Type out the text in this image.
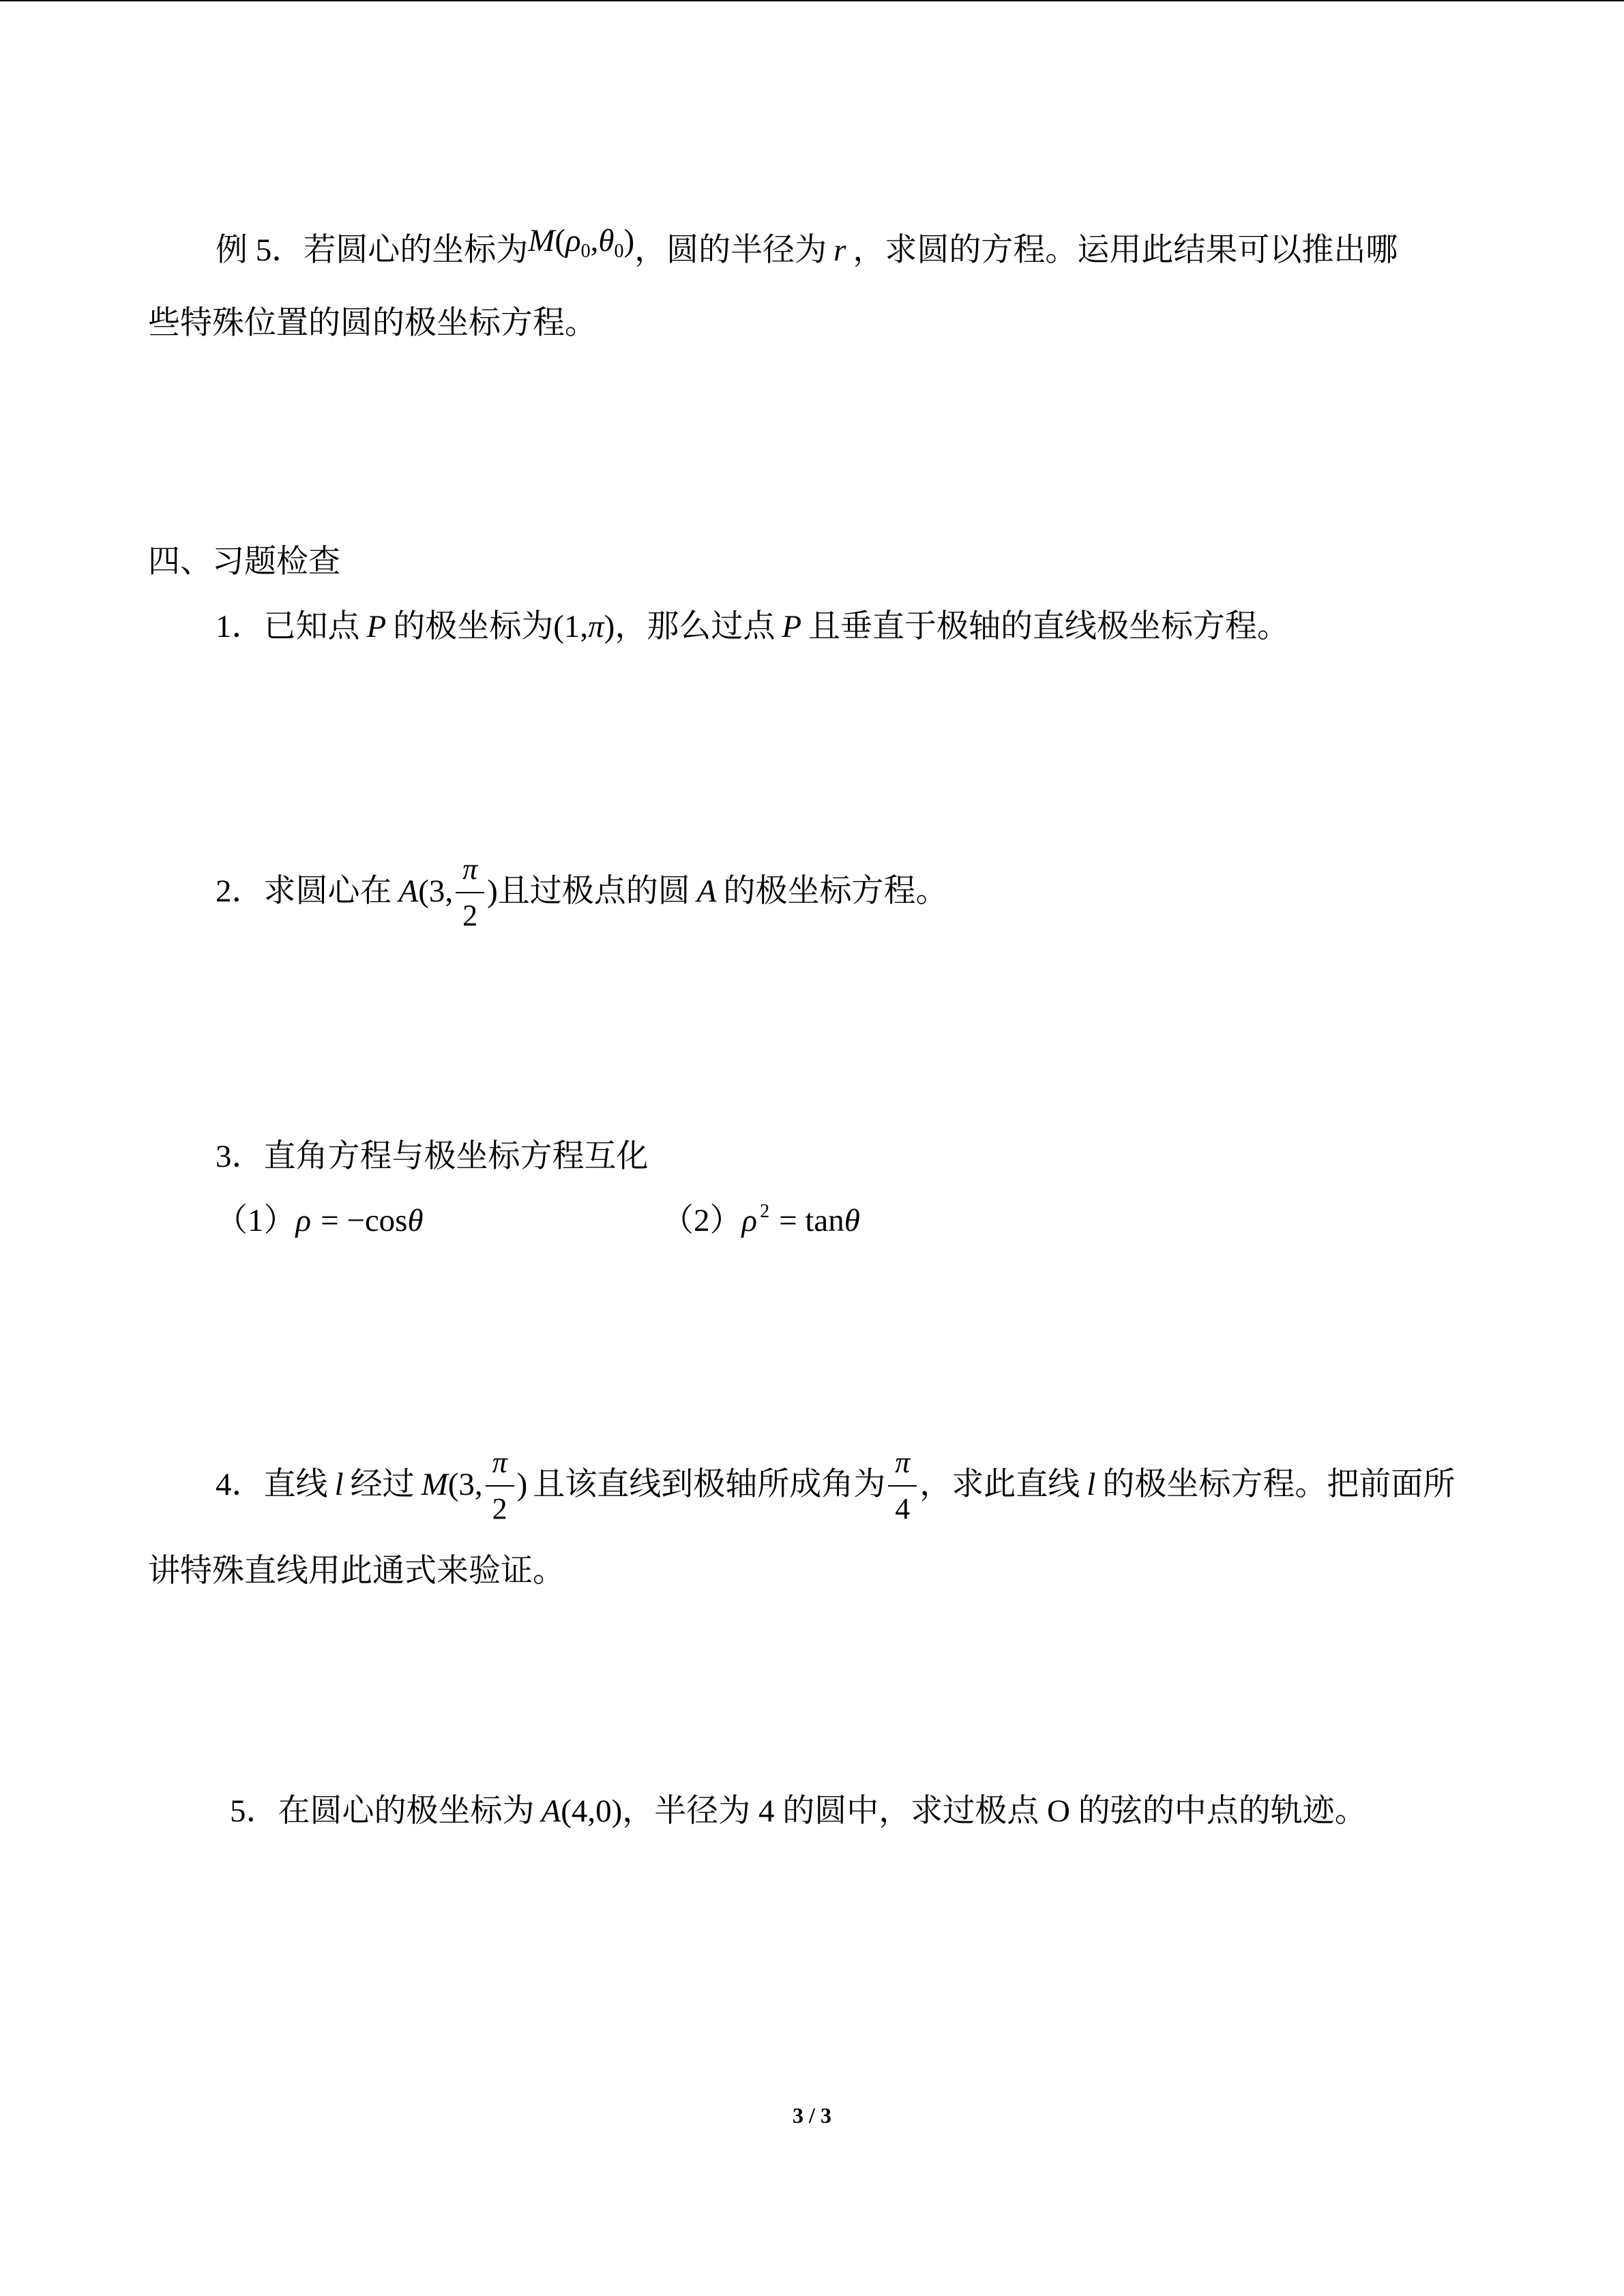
例 5．若圆心的坐标为M(ρ0,θ0)，圆的半径为 r ，求圆的方程。运用此结果可以推出哪
些特殊位置的圆的极坐标方程。
四、习题检查
1．已知点 P 的极坐标为(1,π)，那么过点 P 且垂直于极轴的直线极坐标方程。
2．求圆心在 A(3,
$\frac{\pi}{2}$
)且过极点的圆 A 的极坐标方程。
3．直角方程与极坐标方程互化
（1）ρ = −cosθ	（2）ρ $^2$ = tanθ
4．直线 l 经过 M(3,
$\frac{\pi}{2}$
) 且该直线到极轴所成角为
$\frac{\pi}{4}$
，求此直线 l 的极坐标方程。把前面所
讲特殊直线用此通式来验证。
5．在圆心的极坐标为 A(4,0)，半径为 4 的圆中，求过极点 O 的弦的中点的轨迹。
3 / 3
